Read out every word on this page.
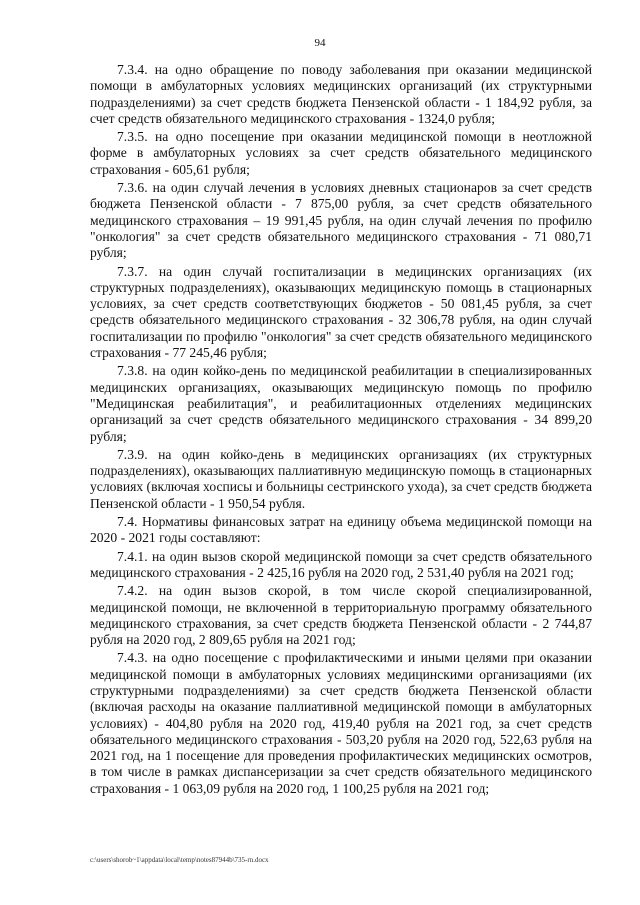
94

7.3.4. на одно обращение по поводу заболевания при оказании медицинской помощи в амбулаторных условиях медицинских организаций (их структурными подразделениями) за счет средств бюджета Пензенской области - 1 184,92 рубля, за счет средств обязательного медицинского страхования - 1324,0 рубля;

7.3.5. на одно посещение при оказании медицинской помощи в неотложной форме в амбулаторных условиях за счет средств обязательного медицинского страхования - 605,61 рубля;

7.3.6. на один случай лечения в условиях дневных стационаров за счет средств бюджета Пензенской области - 7 875,00 рубля, за счет средств обязательного медицинского страхования – 19 991,45 рубля, на один случай лечения по профилю "онкология" за счет средств обязательного медицинского страхования - 71 080,71 рубля;

7.3.7. на один случай госпитализации в медицинских организациях (их структурных подразделениях), оказывающих медицинскую помощь в стационарных условиях, за счет средств соответствующих бюджетов - 50 081,45 рубля, за счет средств обязательного медицинского страхования - 32 306,78 рубля, на один случай госпитализации по профилю "онкология" за счет средств обязательного медицинского страхования - 77 245,46 рубля;

7.3.8. на один койко-день по медицинской реабилитации в специализированных медицинских организациях, оказывающих медицинскую помощь по профилю "Медицинская реабилитация", и реабилитационных отделениях медицинских организаций за счет средств обязательного медицинского страхования - 34 899,20 рубля;

7.3.9. на один койко-день в медицинских организациях (их структурных подразделениях), оказывающих паллиативную медицинскую помощь в стационарных условиях (включая хосписы и больницы сестринского ухода), за счет средств бюджета Пензенской области - 1 950,54 рубля.

7.4. Нормативы финансовых затрат на единицу объема медицинской помощи на 2020 - 2021 годы составляют:

7.4.1. на один вызов скорой медицинской помощи за счет средств обязательного медицинского страхования - 2 425,16 рубля на 2020 год, 2 531,40 рубля на 2021 год;

7.4.2. на один вызов скорой, в том числе скорой специализированной, медицинской помощи, не включенной в территориальную программу обязательного медицинского страхования, за счет средств бюджета Пензенской области - 2 744,87 рубля на 2020 год, 2 809,65 рубля на 2021 год;

7.4.3. на одно посещение с профилактическими и иными целями при оказании медицинской помощи в амбулаторных условиях медицинскими организациями (их структурными подразделениями) за счет средств бюджета Пензенской области (включая расходы на оказание паллиативной медицинской помощи в амбулаторных условиях) - 404,80 рубля на 2020 год, 419,40 рубля на 2021 год, за счет средств обязательного медицинского страхования - 503,20 рубля на 2020 год, 522,63 рубля на 2021 год, на 1 посещение для проведения профилактических медицинских осмотров, в том числе в рамках диспансеризации за счет средств обязательного медицинского страхования - 1 063,09 рубля на 2020 год, 1 100,25 рубля на 2021 год;

c:\users\shorob~1\appdata\local\temp\notes87944b\735-rn.docx
